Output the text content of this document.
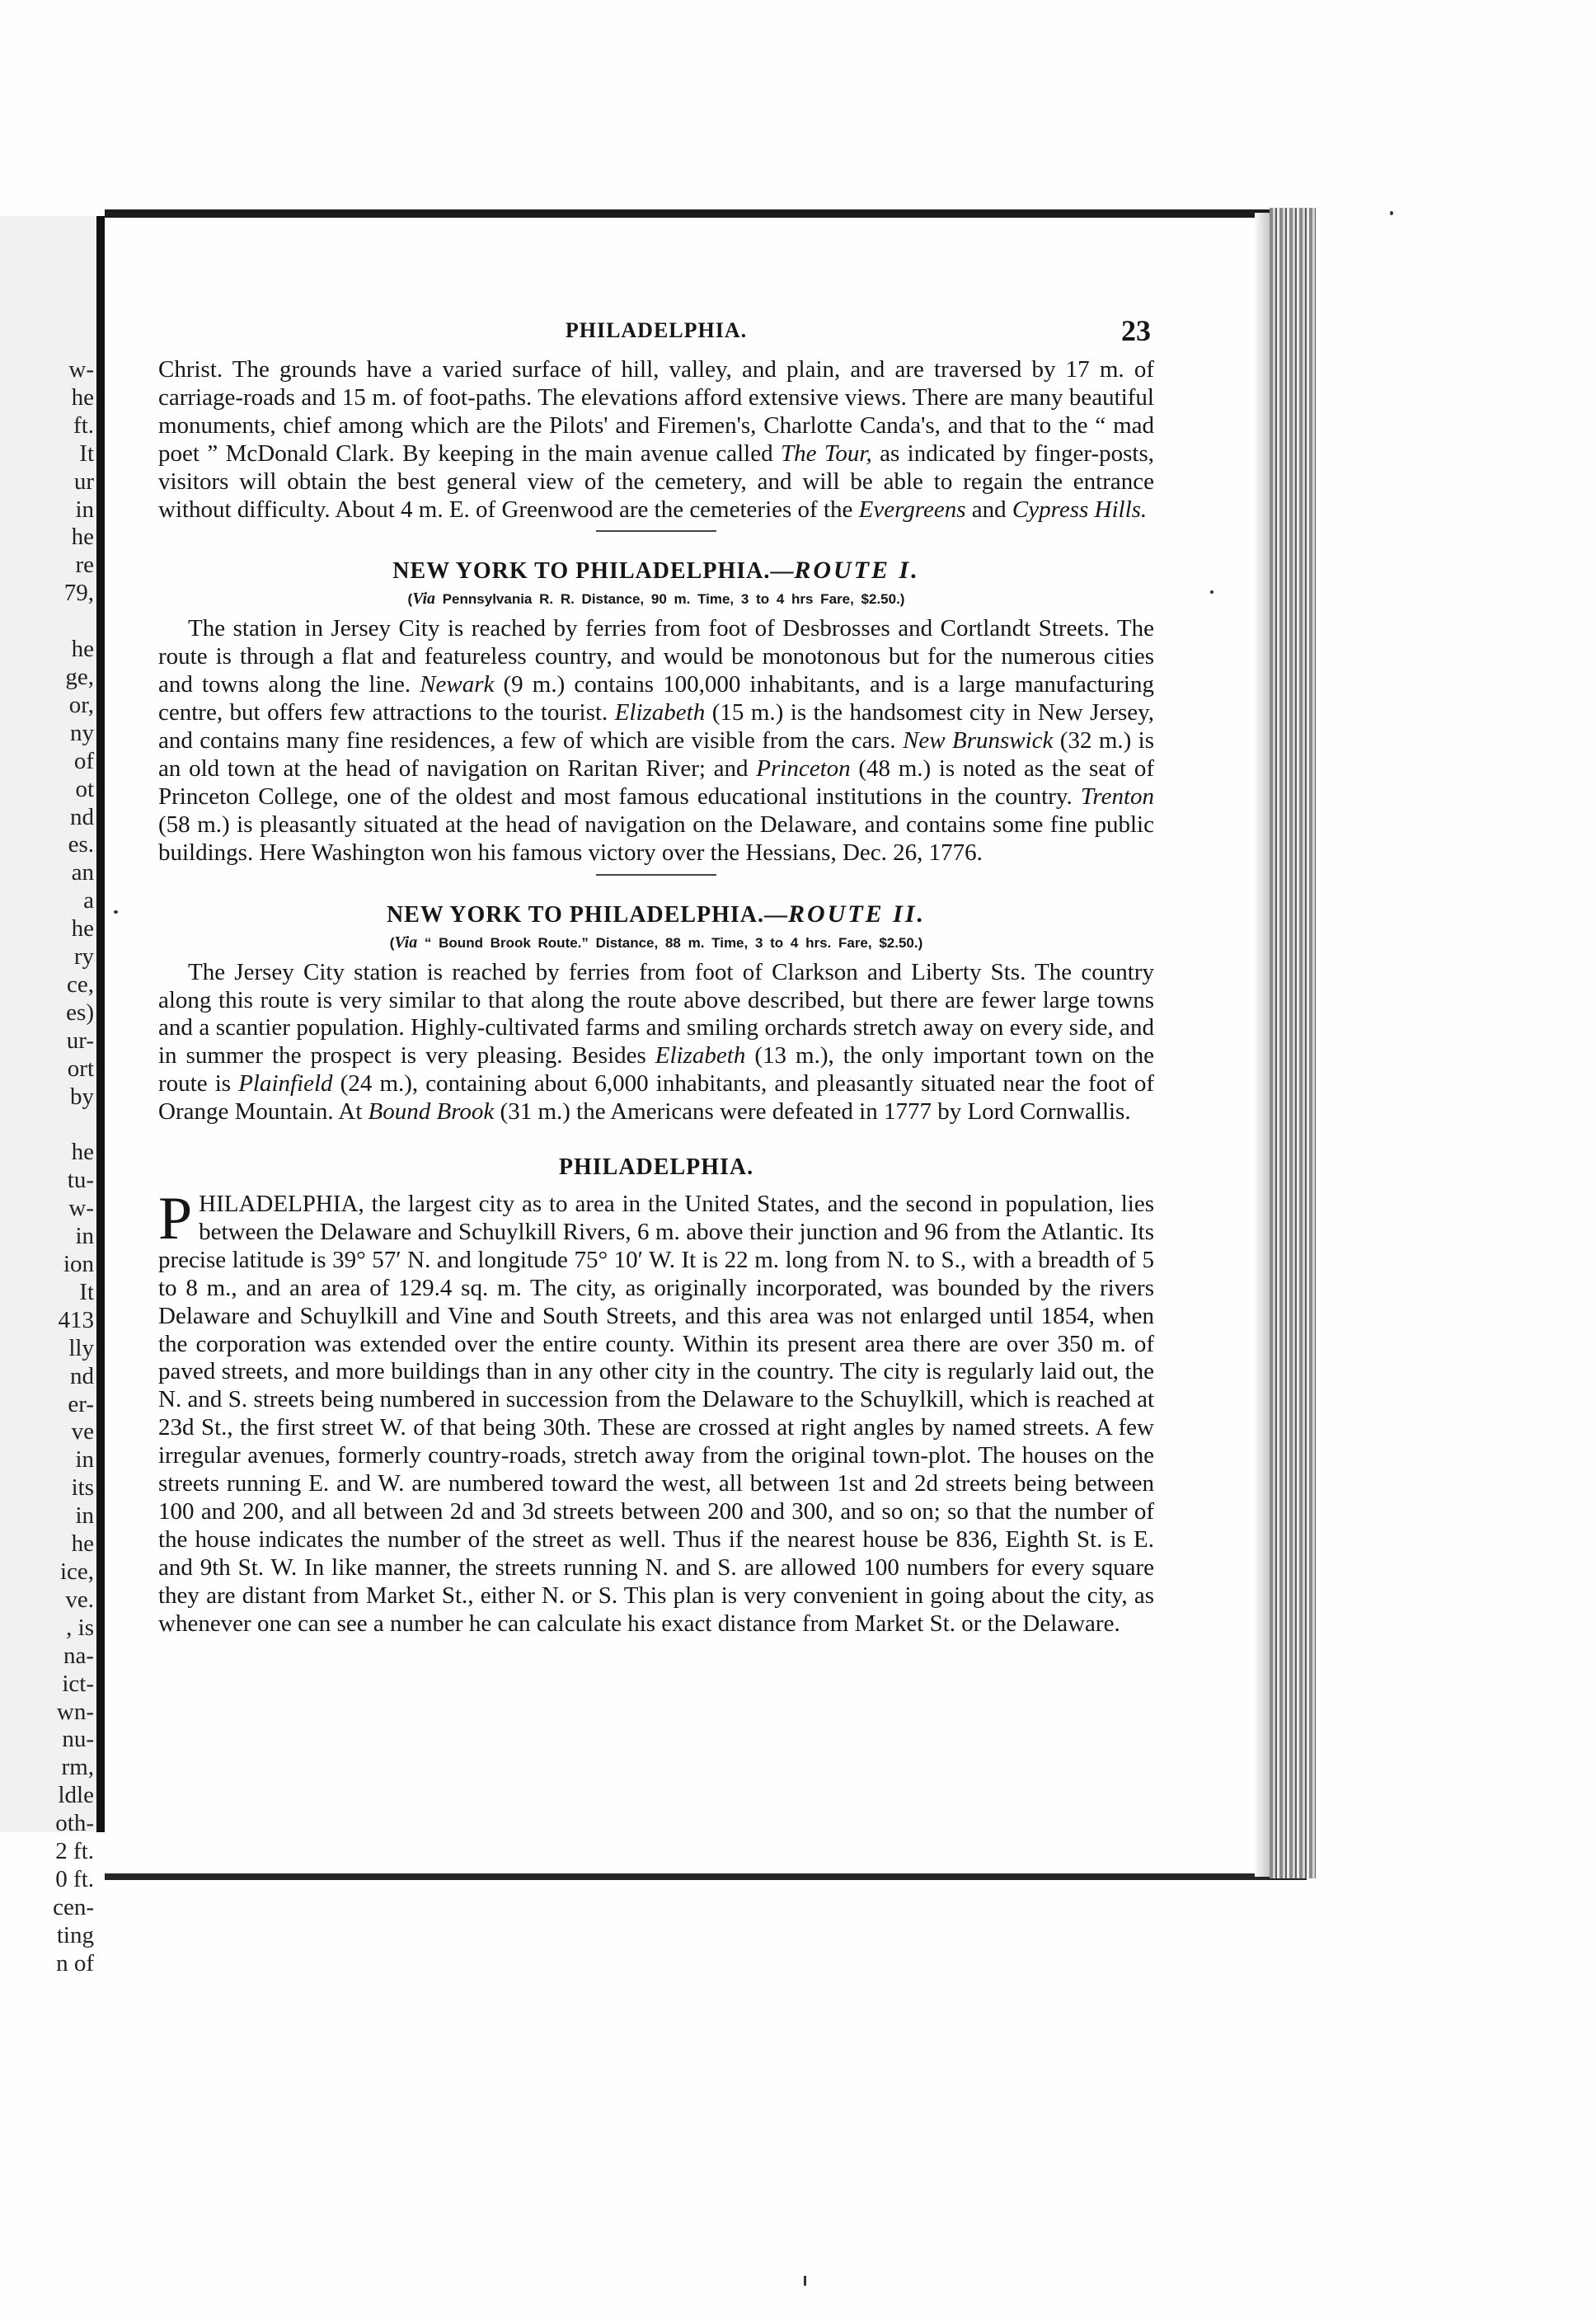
w-
he
ft.
It
ur
in
he
re
79,

he
ge,
or,
ny
of
ot
nd
es.
an
a
he
ry
ce,
es)
ur-
ort
by

he
tu-
w-
in
ion
It
413
lly
nd
er-
ve
in
its
in
he
ice,
ve.
, is
na-
ict-
wn-
nu-
rm,
ldle
oth-
2 ft.
0 ft.
cen-
ting
n of
PHILADELPHIA.	23

Christ. The grounds have a varied surface of hill, valley, and plain, and are traversed by 17 m. of carriage-roads and 15 m. of foot-paths. The elevations afford extensive views. There are many beautiful monuments, chief among which are the Pilots' and Firemen's, Charlotte Canda's, and that to the “ mad poet ” McDonald Clark. By keeping in the main avenue called The Tour, as indicated by finger-posts, visitors will obtain the best general view of the cemetery, and will be able to regain the entrance without difficulty. About 4 m. E. of Greenwood are the cemeteries of the Evergreens and Cypress Hills.

NEW YORK TO PHILADELPHIA.—ROUTE I.
(Via Pennsylvania R. R. Distance, 90 m. Time, 3 to 4 hrs Fare, $2.50.)

The station in Jersey City is reached by ferries from foot of Desbrosses and Cortlandt Streets. The route is through a flat and featureless country, and would be monotonous but for the numerous cities and towns along the line. Newark (9 m.) contains 100,000 inhabitants, and is a large manufacturing centre, but offers few attractions to the tourist. Elizabeth (15 m.) is the handsomest city in New Jersey, and contains many fine residences, a few of which are visible from the cars. New Brunswick (32 m.) is an old town at the head of navigation on Raritan River; and Princeton (48 m.) is noted as the seat of Princeton College, one of the oldest and most famous educational institutions in the country. Trenton (58 m.) is pleasantly situated at the head of navigation on the Delaware, and contains some fine public buildings. Here Washington won his famous victory over the Hessians, Dec. 26, 1776.

NEW YORK TO PHILADELPHIA.—ROUTE II.
(Via “ Bound Brook Route.” Distance, 88 m. Time, 3 to 4 hrs. Fare, $2.50.)

The Jersey City station is reached by ferries from foot of Clarkson and Liberty Sts. The country along this route is very similar to that along the route above described, but there are fewer large towns and a scantier population. Highly-cultivated farms and smiling orchards stretch away on every side, and in summer the prospect is very pleasing. Besides Elizabeth (13 m.), the only important town on the route is Plainfield (24 m.), containing about 6,000 inhabitants, and pleasantly situated near the foot of Orange Mountain. At Bound Brook (31 m.) the Americans were defeated in 1777 by Lord Cornwallis.

PHILADELPHIA.

PHILADELPHIA, the largest city as to area in the United States, and the second in population, lies between the Delaware and Schuylkill Rivers, 6 m. above their junction and 96 from the Atlantic. Its precise latitude is 39° 57′ N. and longitude 75° 10′ W. It is 22 m. long from N. to S., with a breadth of 5 to 8 m., and an area of 129.4 sq. m. The city, as originally incorporated, was bounded by the rivers Delaware and Schuylkill and Vine and South Streets, and this area was not enlarged until 1854, when the corporation was extended over the entire county. Within its present area there are over 350 m. of paved streets, and more buildings than in any other city in the country. The city is regularly laid out, the N. and S. streets being numbered in succession from the Delaware to the Schuylkill, which is reached at 23d St., the first street W. of that being 30th. These are crossed at right angles by named streets. A few irregular avenues, formerly country-roads, stretch away from the original town-plot. The houses on the streets running E. and W. are numbered toward the west, all between 1st and 2d streets being between 100 and 200, and all between 2d and 3d streets between 200 and 300, and so on; so that the number of the house indicates the number of the street as well. Thus if the nearest house be 836, Eighth St. is E. and 9th St. W. In like manner, the streets running N. and S. are allowed 100 numbers for every square they are distant from Market St., either N. or S. This plan is very convenient in going about the city, as whenever one can see a number he can calculate his exact distance from Market St. or the Delaware.
